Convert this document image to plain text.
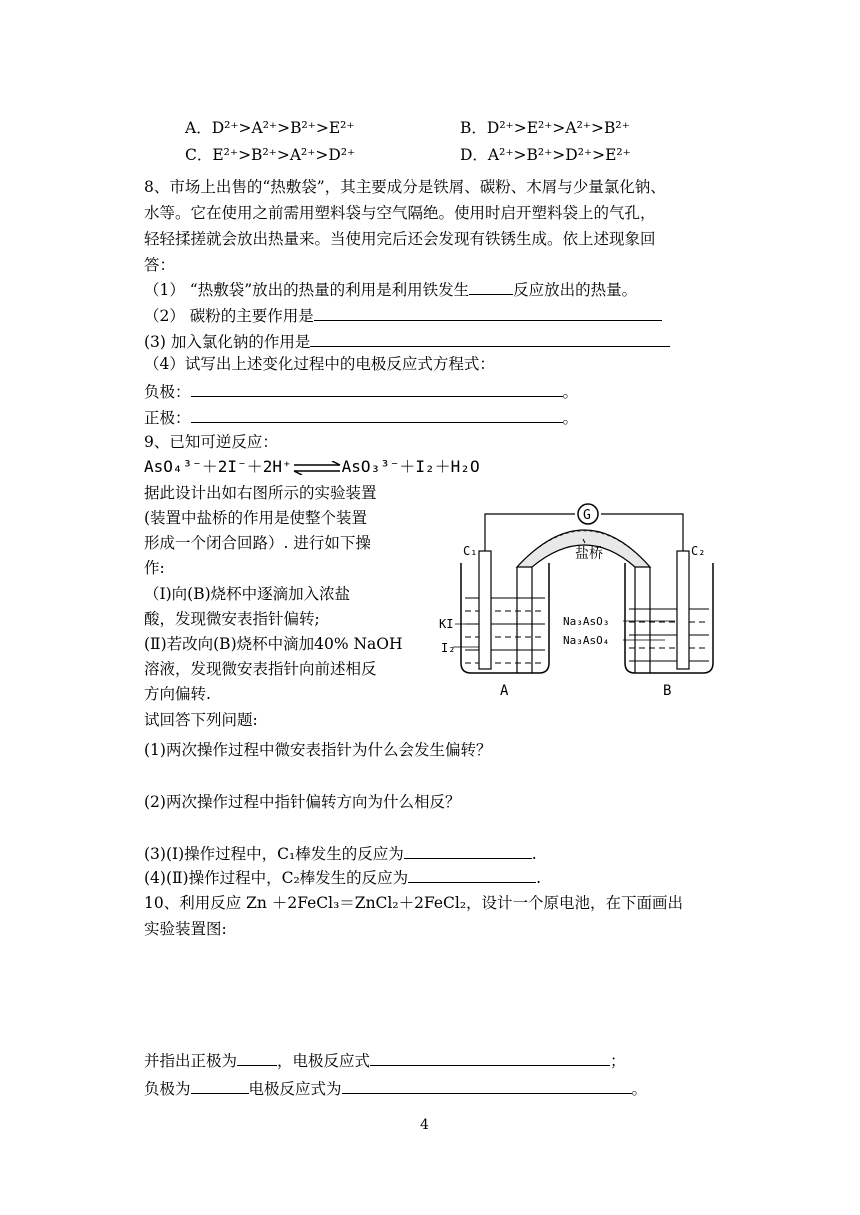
A．D²⁺>A²⁺>B²⁺>E²⁺	B．D²⁺>E²⁺>A²⁺>B²⁺
C．E²⁺>B²⁺>A²⁺>D²⁺	D．A²⁺>B²⁺>D²⁺>E²⁺
8、市场上出售的“热敷袋”，其主要成分是铁屑、碳粉、木屑与少量氯化钠、
水等。它在使用之前需用塑料袋与空气隔绝。使用时启开塑料袋上的气孔，
轻轻揉搓就会放出热量来。当使用完后还会发现有铁锈生成。依上述现象回
答：
（1） “热敷袋”放出的热量的利用是利用铁发生	反应放出的热量。
（2） 碳粉的主要作用是
(3) 加入氯化钠的作用是
（4）试写出上述变化过程中的电极反应式方程式：
负极：	。
正极：	。
9、已知可逆反应：
AsO₄³⁻＋2I⁻＋2H⁺⇌AsO₃³⁻＋I₂＋H₂O
据此设计出如右图所示的实验装置
(装置中盐桥的作用是使整个装置
形成一个闭合回路）. 进行如下操
作:
（Ⅰ)向(B)烧杯中逐滴加入浓盐
酸，发现微安表指针偏转;
(Ⅱ)若改向(B)烧杯中滴加40% NaOH
溶液，发现微安表指针向前述相反
方向偏转.
试回答下列问题:
G
盐桥
C₁
KI
I₂
C₂
Na₃AsO₃
Na₃AsO₄
A	B
(1)两次操作过程中微安表指针为什么会发生偏转？
(2)两次操作过程中指针偏转方向为什么相反？
(3)(Ⅰ)操作过程中，C₁棒发生的反应为	.
(4)(Ⅱ)操作过程中，C₂棒发生的反应为	.
10、利用反应 Zn ＋2FeCl₃＝ZnCl₂＋2FeCl₂，设计一个原电池，在下面画出
实验装置图:
并指出正极为	，电极反应式	；
负极为	电极反应式为	。
4
